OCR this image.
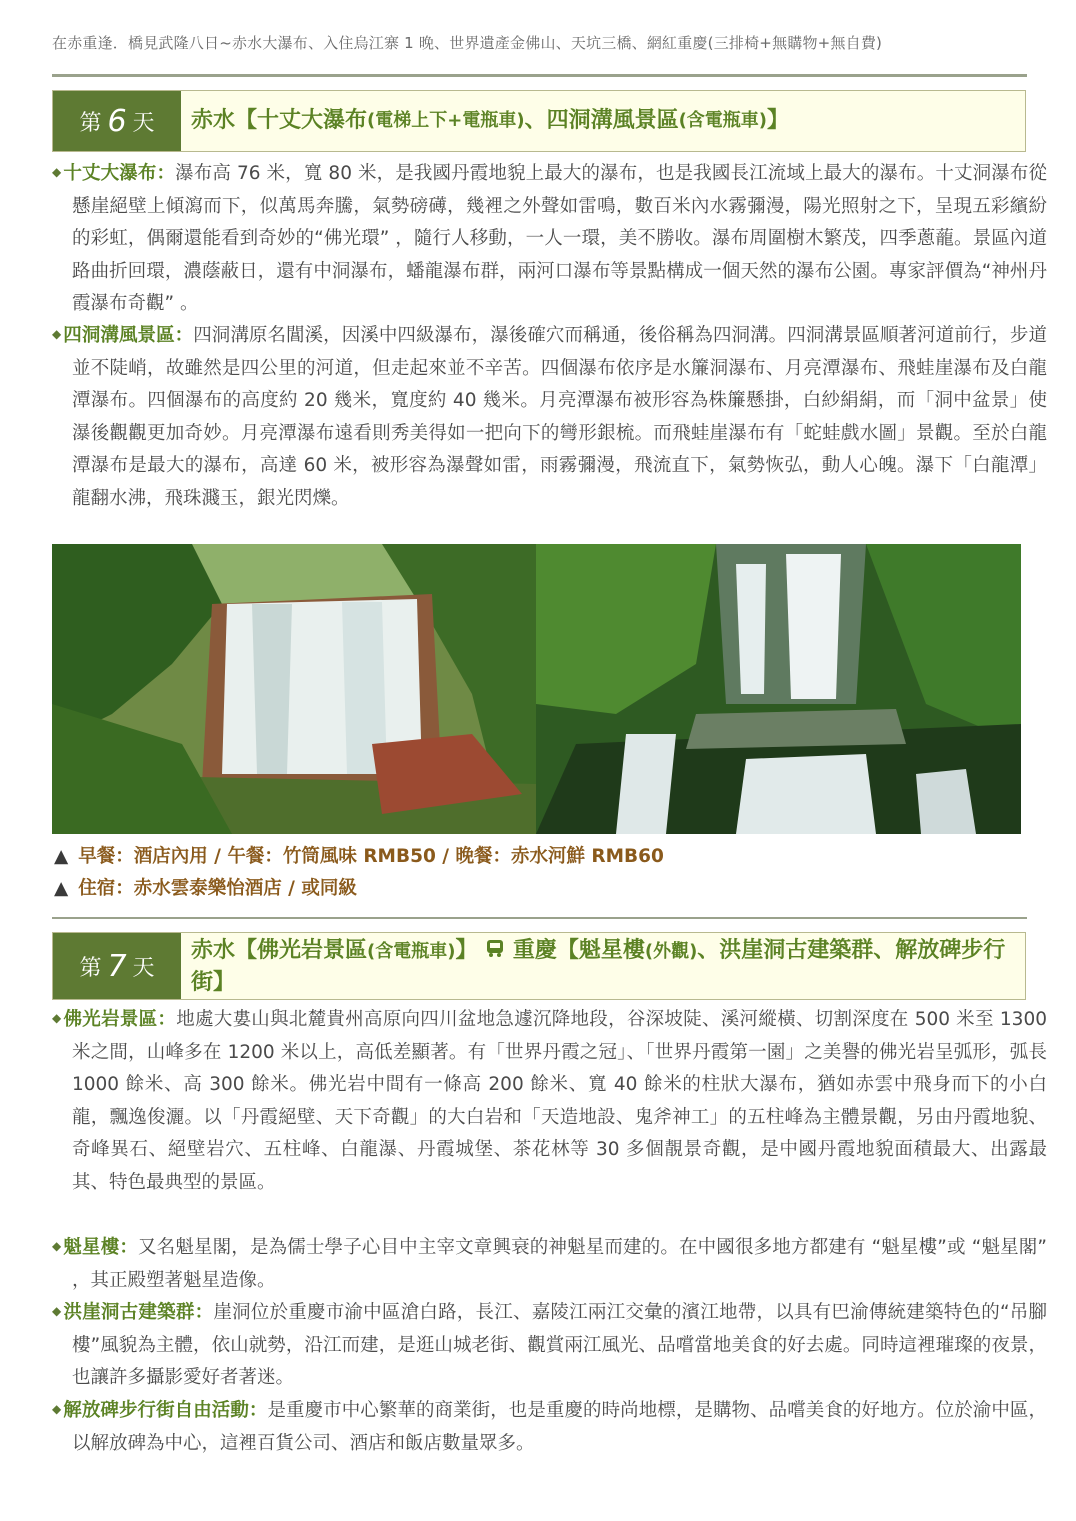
在赤重逢．橋見武隆八日~赤水大瀑布、入住烏江寨 1 晚、世界遺產金佛山、天坑三橋、網紅重慶(三排椅+無購物+無自費)
第 6 天 赤水【十丈大瀑布 (電梯上下+電瓶車) 、四洞溝風景區 (含電瓶車) 】
◆ 十丈大瀑布：瀑布高 76 米，寬 80 米，是我國丹霞地貌上最大的瀑布，也是我國長江流域上最大的瀑布。十丈洞瀑布從懸崖絕壁上傾瀉而下，似萬馬奔騰，氣勢磅礡，幾裡之外聲如雷鳴，數百米內水霧彌漫，陽光照射之下，呈現五彩繽紛的彩虹，偶爾還能看到奇妙的“佛光環” ，隨行人移動，一人一環，美不勝收。瀑布周圍樹木繁茂，四季蔥蘢。景區內道路曲折回環，濃蔭蔽日，還有中洞瀑布，蟠龍瀑布群，兩河口瀑布等景點構成一個天然的瀑布公園。專家評價為“神州丹霞瀑布奇觀” 。
◆ 四洞溝風景區：四洞溝原名閶溪，因溪中四級瀑布，瀑後確穴而稱通，後俗稱為四洞溝。四洞溝景區順著河道前行，步道並不陡峭，故雖然是四公里的河道，但走起來並不辛苦。四個瀑布依序是水簾洞瀑布、月亮潭瀑布、飛蛙崖瀑布及白龍潭瀑布。四個瀑布的高度約 20 幾米，寬度約 40 幾米。月亮潭瀑布被形容為株簾懸掛，白紗絹絹，而「洞中盆景」使瀑後觀觀更加奇妙。月亮潭瀑布遠看則秀美得如一把向下的彎形銀梳。而飛蛙崖瀑布有「蛇蛙戲水圖」景觀。至於白龍潭瀑布是最大的瀑布，高達 60 米，被形容為瀑聲如雷，雨霧彌漫，飛流直下，氣勢恢弘，動人心魄。瀑下「白龍潭」龍翻水沸，飛珠濺玉，銀光閃爍。
▲ 早餐：酒店內用 / 午餐：竹筒風味 RMB50 / 晚餐：赤水河鮮 RMB60
▲ 住宿：赤水雲泰樂怡酒店 / 或同級
第 7 天
赤水【佛光岩景區(含電瓶車)】 重慶【魁星樓(外觀)、洪崖洞古建築群、解放碑步行街】
◆ 佛光岩景區：地處大婁山與北麓貴州高原向四川盆地急遽沉降地段，谷深坡陡、溪河縱橫、切割深度在 500 米至 1300 米之間，山峰多在 1200 米以上，高低差顯著。有「世界丹霞之冠」、「世界丹霞第一園」之美譽的佛光岩呈弧形，弧長 1000 餘米、高 300 餘米。佛光岩中間有一條高 200 餘米、寬 40 餘米的柱狀大瀑布，猶如赤雲中飛身而下的小白龍，飄逸俊灑。以「丹霞絕壁、天下奇觀」的大白岩和「天造地設、鬼斧神工」的五柱峰為主體景觀，另由丹霞地貌、奇峰異石、絕壁岩穴、五柱峰、白龍瀑、丹霞城堡、茶花林等 30 多個靚景奇觀，是中國丹霞地貌面積最大、出露最其、特色最典型的景區。
◆ 魁星樓：又名魁星閣，是為儒士學子心目中主宰文章興衰的神魁星而建的。在中國很多地方都建有 “魁星樓”或 “魁星閣” ，其正殿塑著魁星造像。
◆ 洪崖洞古建築群：崖洞位於重慶市渝中區滄白路，長江、嘉陵江兩江交彙的濱江地帶，以具有巴渝傳統建築特色的“吊腳樓”風貌為主體，依山就勢，沿江而建，是逛山城老街、觀賞兩江風光、品嚐當地美食的好去處。同時這裡璀璨的夜景，也讓許多攝影愛好者著迷。
◆ 解放碑步行街自由活動：是重慶市中心繁華的商業街，也是重慶的時尚地標，是購物、品嚐美食的好地方。位於渝中區，以解放碑為中心，這裡百貨公司、酒店和飯店數量眾多。
